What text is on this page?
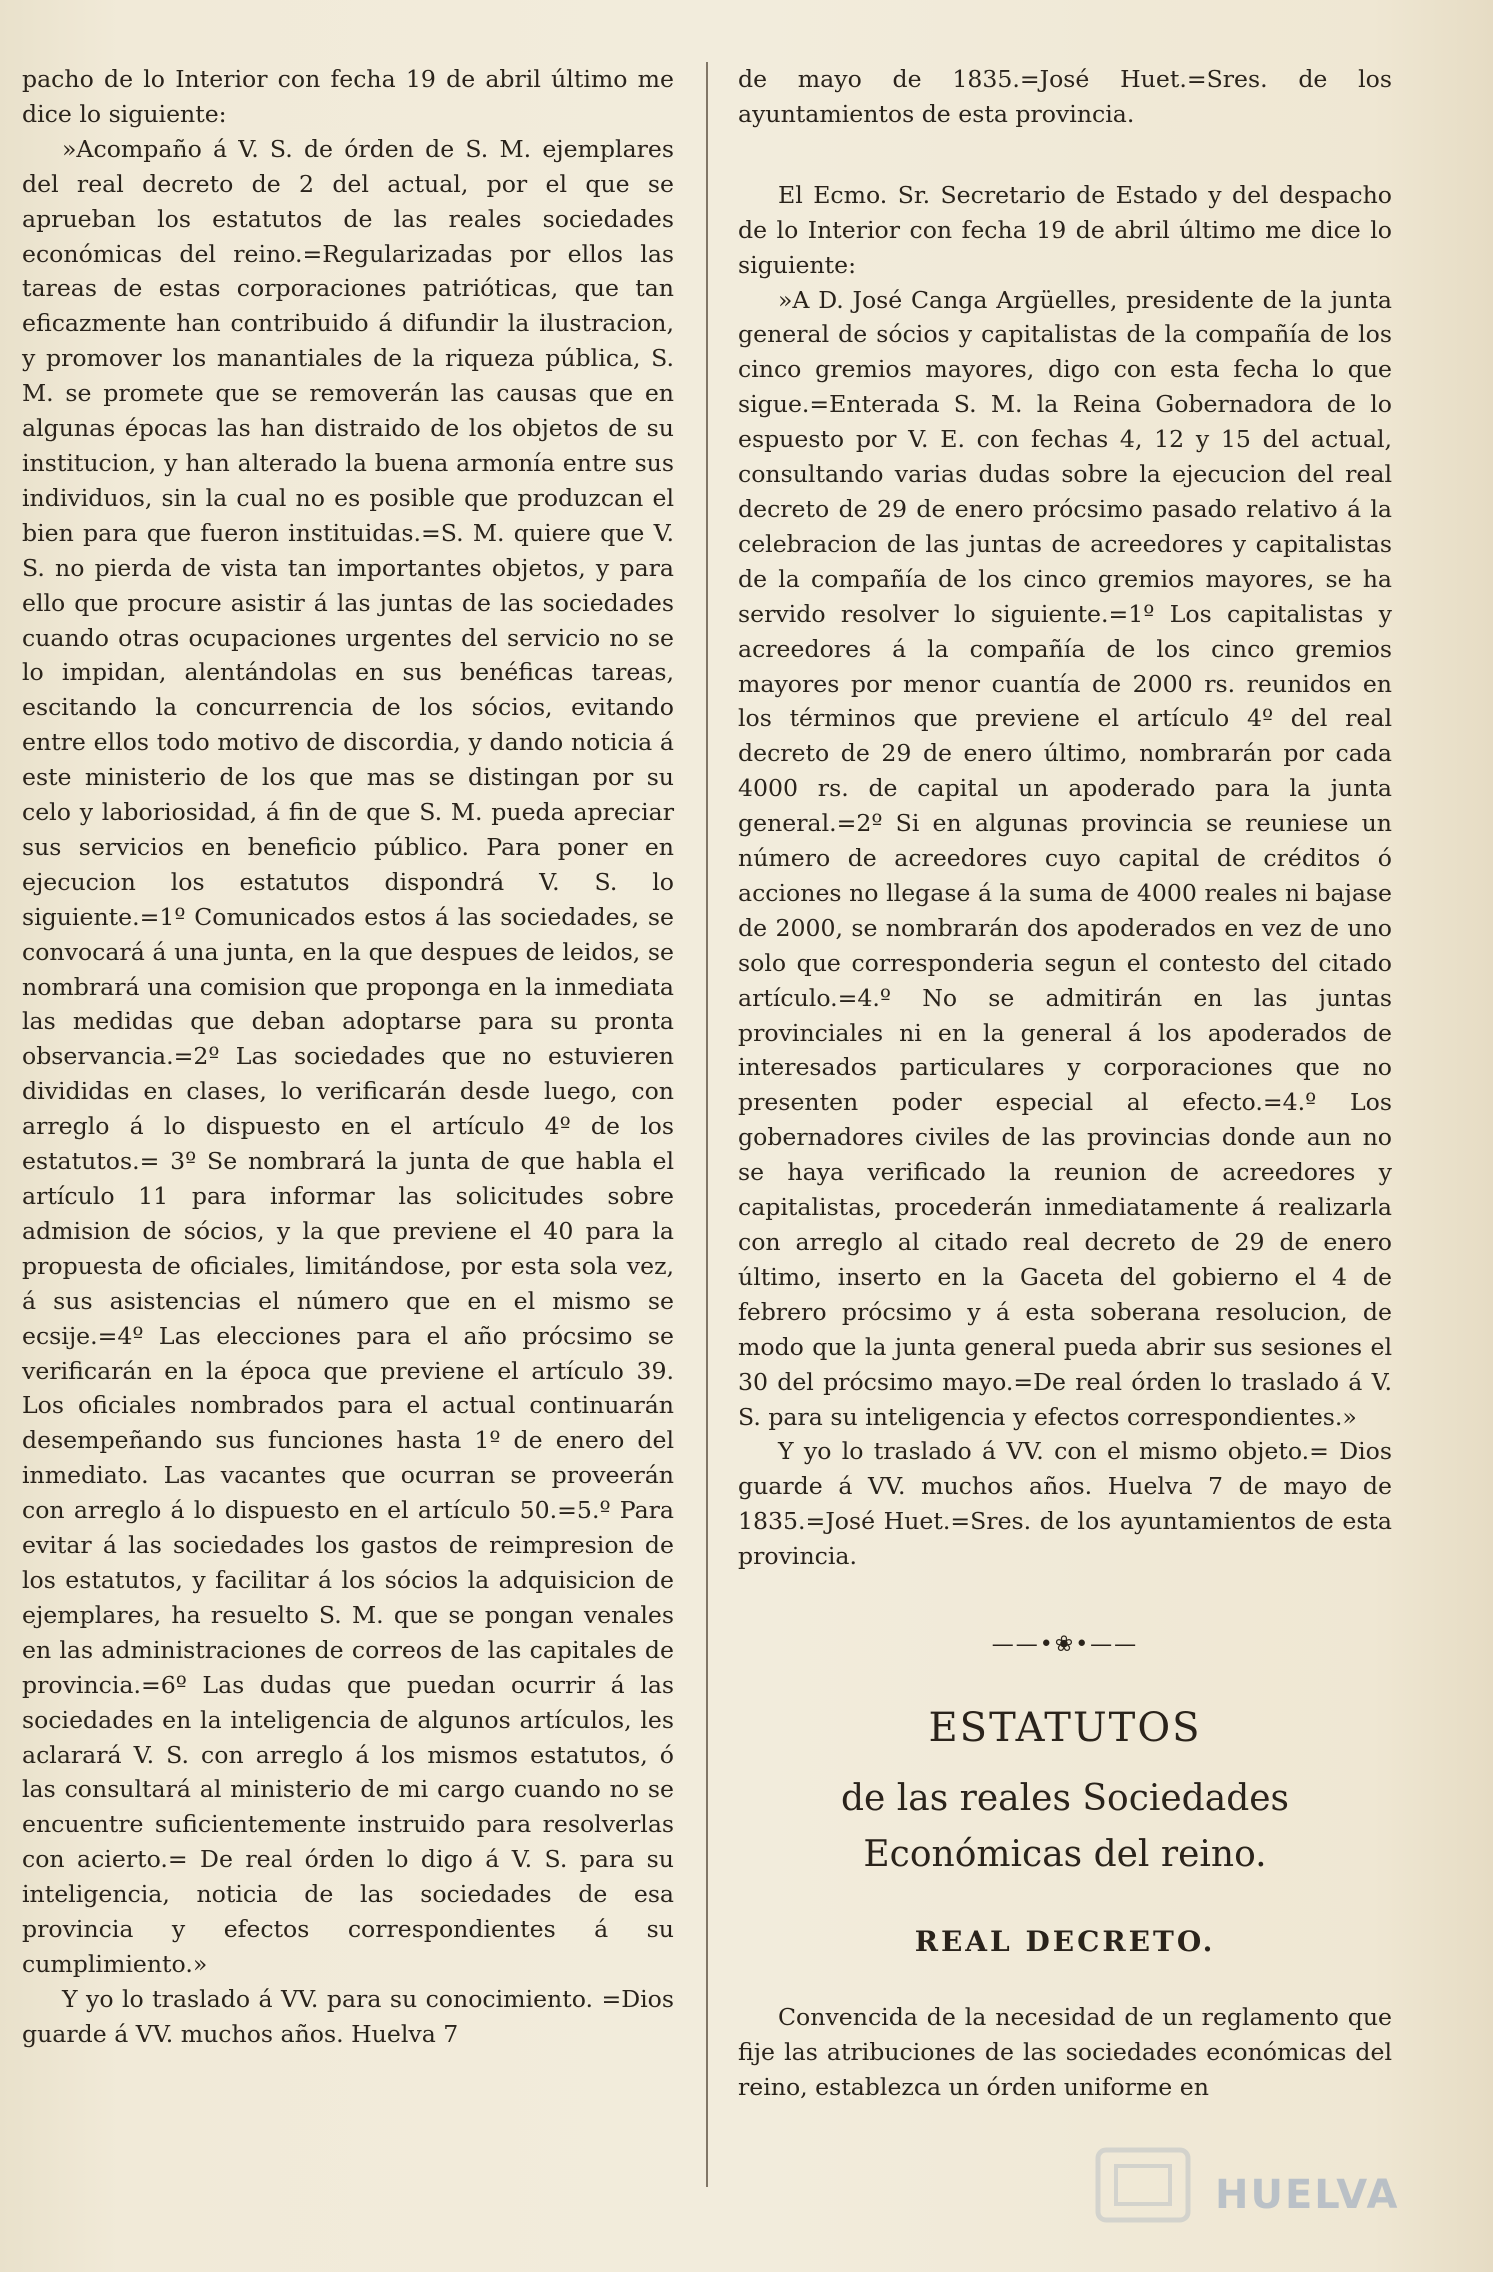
pacho de lo Interior con fecha 19 de abril último me dice lo siguiente:

»Acompaño á V. S. de órden de S. M. ejemplares del real decreto de 2 del actual, por el que se aprueban los estatutos de las reales sociedades económicas del reino.=Regularizadas por ellos las tareas de estas corporaciones patrióticas, que tan eficazmente han contribuido á difundir la ilustracion, y promover los manantiales de la riqueza pública, S. M. se promete que se removerán las causas que en algunas épocas las han distraido de los objetos de su institucion, y han alterado la buena armonía entre sus individuos, sin la cual no es posible que produzcan el bien para que fueron instituidas.=S. M. quiere que V. S. no pierda de vista tan importantes objetos, y para ello que procure asistir á las juntas de las sociedades cuando otras ocupaciones urgentes del servicio no se lo impidan, alentándolas en sus benéficas tareas, escitando la concurrencia de los sócios, evitando entre ellos todo motivo de discordia, y dando noticia á este ministerio de los que mas se distingan por su celo y laboriosidad, á fin de que S. M. pueda apreciar sus servicios en beneficio público. Para poner en ejecucion los estatutos dispondrá V. S. lo siguiente.=1º Comunicados estos á las sociedades, se convocará á una junta, en la que despues de leidos, se nombrará una comision que proponga en la inmediata las medidas que deban adoptarse para su pronta observancia.=2º Las sociedades que no estuvieren divididas en clases, lo verificarán desde luego, con arreglo á lo dispuesto en el artículo 4º de los estatutos.= 3º Se nombrará la junta de que habla el artículo 11 para informar las solicitudes sobre admision de sócios, y la que previene el 40 para la propuesta de oficiales, limitándose, por esta sola vez, á sus asistencias el número que en el mismo se ecsije.=4º Las elecciones para el año prócsimo se verificarán en la época que previene el artículo 39. Los oficiales nombrados para el actual continuarán desempeñando sus funciones hasta 1º de enero del inmediato. Las vacantes que ocurran se proveerán con arreglo á lo dispuesto en el artículo 50.=5.º Para evitar á las sociedades los gastos de reimpresion de los estatutos, y facilitar á los sócios la adquisicion de ejemplares, ha resuelto S. M. que se pongan venales en las administraciones de correos de las capitales de provincia.=6º Las dudas que puedan ocurrir á las sociedades en la inteligencia de algunos artículos, les aclarará V. S. con arreglo á los mismos estatutos, ó las consultará al ministerio de mi cargo cuando no se encuentre suficientemente instruido para resolverlas con acierto.= De real órden lo digo á V. S. para su inteligencia, noticia de las sociedades de esa provincia y efectos correspondientes á su cumplimiento.»

Y yo lo traslado á VV. para su conocimiento. =Dios guarde á VV. muchos años. Huelva 7

de mayo de 1835.=José Huet.=Sres. de los ayuntamientos de esta provincia.

El Ecmo. Sr. Secretario de Estado y del despacho de lo Interior con fecha 19 de abril último me dice lo siguiente:

»A D. José Canga Argüelles, presidente de la junta general de sócios y capitalistas de la compañía de los cinco gremios mayores, digo con esta fecha lo que sigue.=Enterada S. M. la Reina Gobernadora de lo espuesto por V. E. con fechas 4, 12 y 15 del actual, consultando varias dudas sobre la ejecucion del real decreto de 29 de enero prócsimo pasado relativo á la celebracion de las juntas de acreedores y capitalistas de la compañía de los cinco gremios mayores, se ha servido resolver lo siguiente.=1º Los capitalistas y acreedores á la compañía de los cinco gremios mayores por menor cuantía de 2000 rs. reunidos en los términos que previene el artículo 4º del real decreto de 29 de enero último, nombrarán por cada 4000 rs. de capital un apoderado para la junta general.=2º Si en algunas provincia se reuniese un número de acreedores cuyo capital de créditos ó acciones no llegase á la suma de 4000 reales ni bajase de 2000, se nombrarán dos apoderados en vez de uno solo que corresponderia segun el contesto del citado artículo.=4.º No se admitirán en las juntas provinciales ni en la general á los apoderados de interesados particulares y corporaciones que no presenten poder especial al efecto.=4.º Los gobernadores civiles de las provincias donde aun no se haya verificado la reunion de acreedores y capitalistas, procederán inmediatamente á realizarla con arreglo al citado real decreto de 29 de enero último, inserto en la Gaceta del gobierno el 4 de febrero prócsimo y á esta soberana resolucion, de modo que la junta general pueda abrir sus sesiones el 30 del prócsimo mayo.=De real órden lo traslado á V. S. para su inteligencia y efectos correspondientes.»

Y yo lo traslado á VV. con el mismo objeto.= Dios guarde á VV. muchos años. Huelva 7 de mayo de 1835.=José Huet.=Sres. de los ayuntamientos de esta provincia.

——•❀•——
ESTATUTOS
de las reales Sociedades Económicas del reino.
REAL DECRETO.

Convencida de la necesidad de un reglamento que fije las atribuciones de las sociedades económicas del reino, establezca un órden uniforme en

HUELVA
